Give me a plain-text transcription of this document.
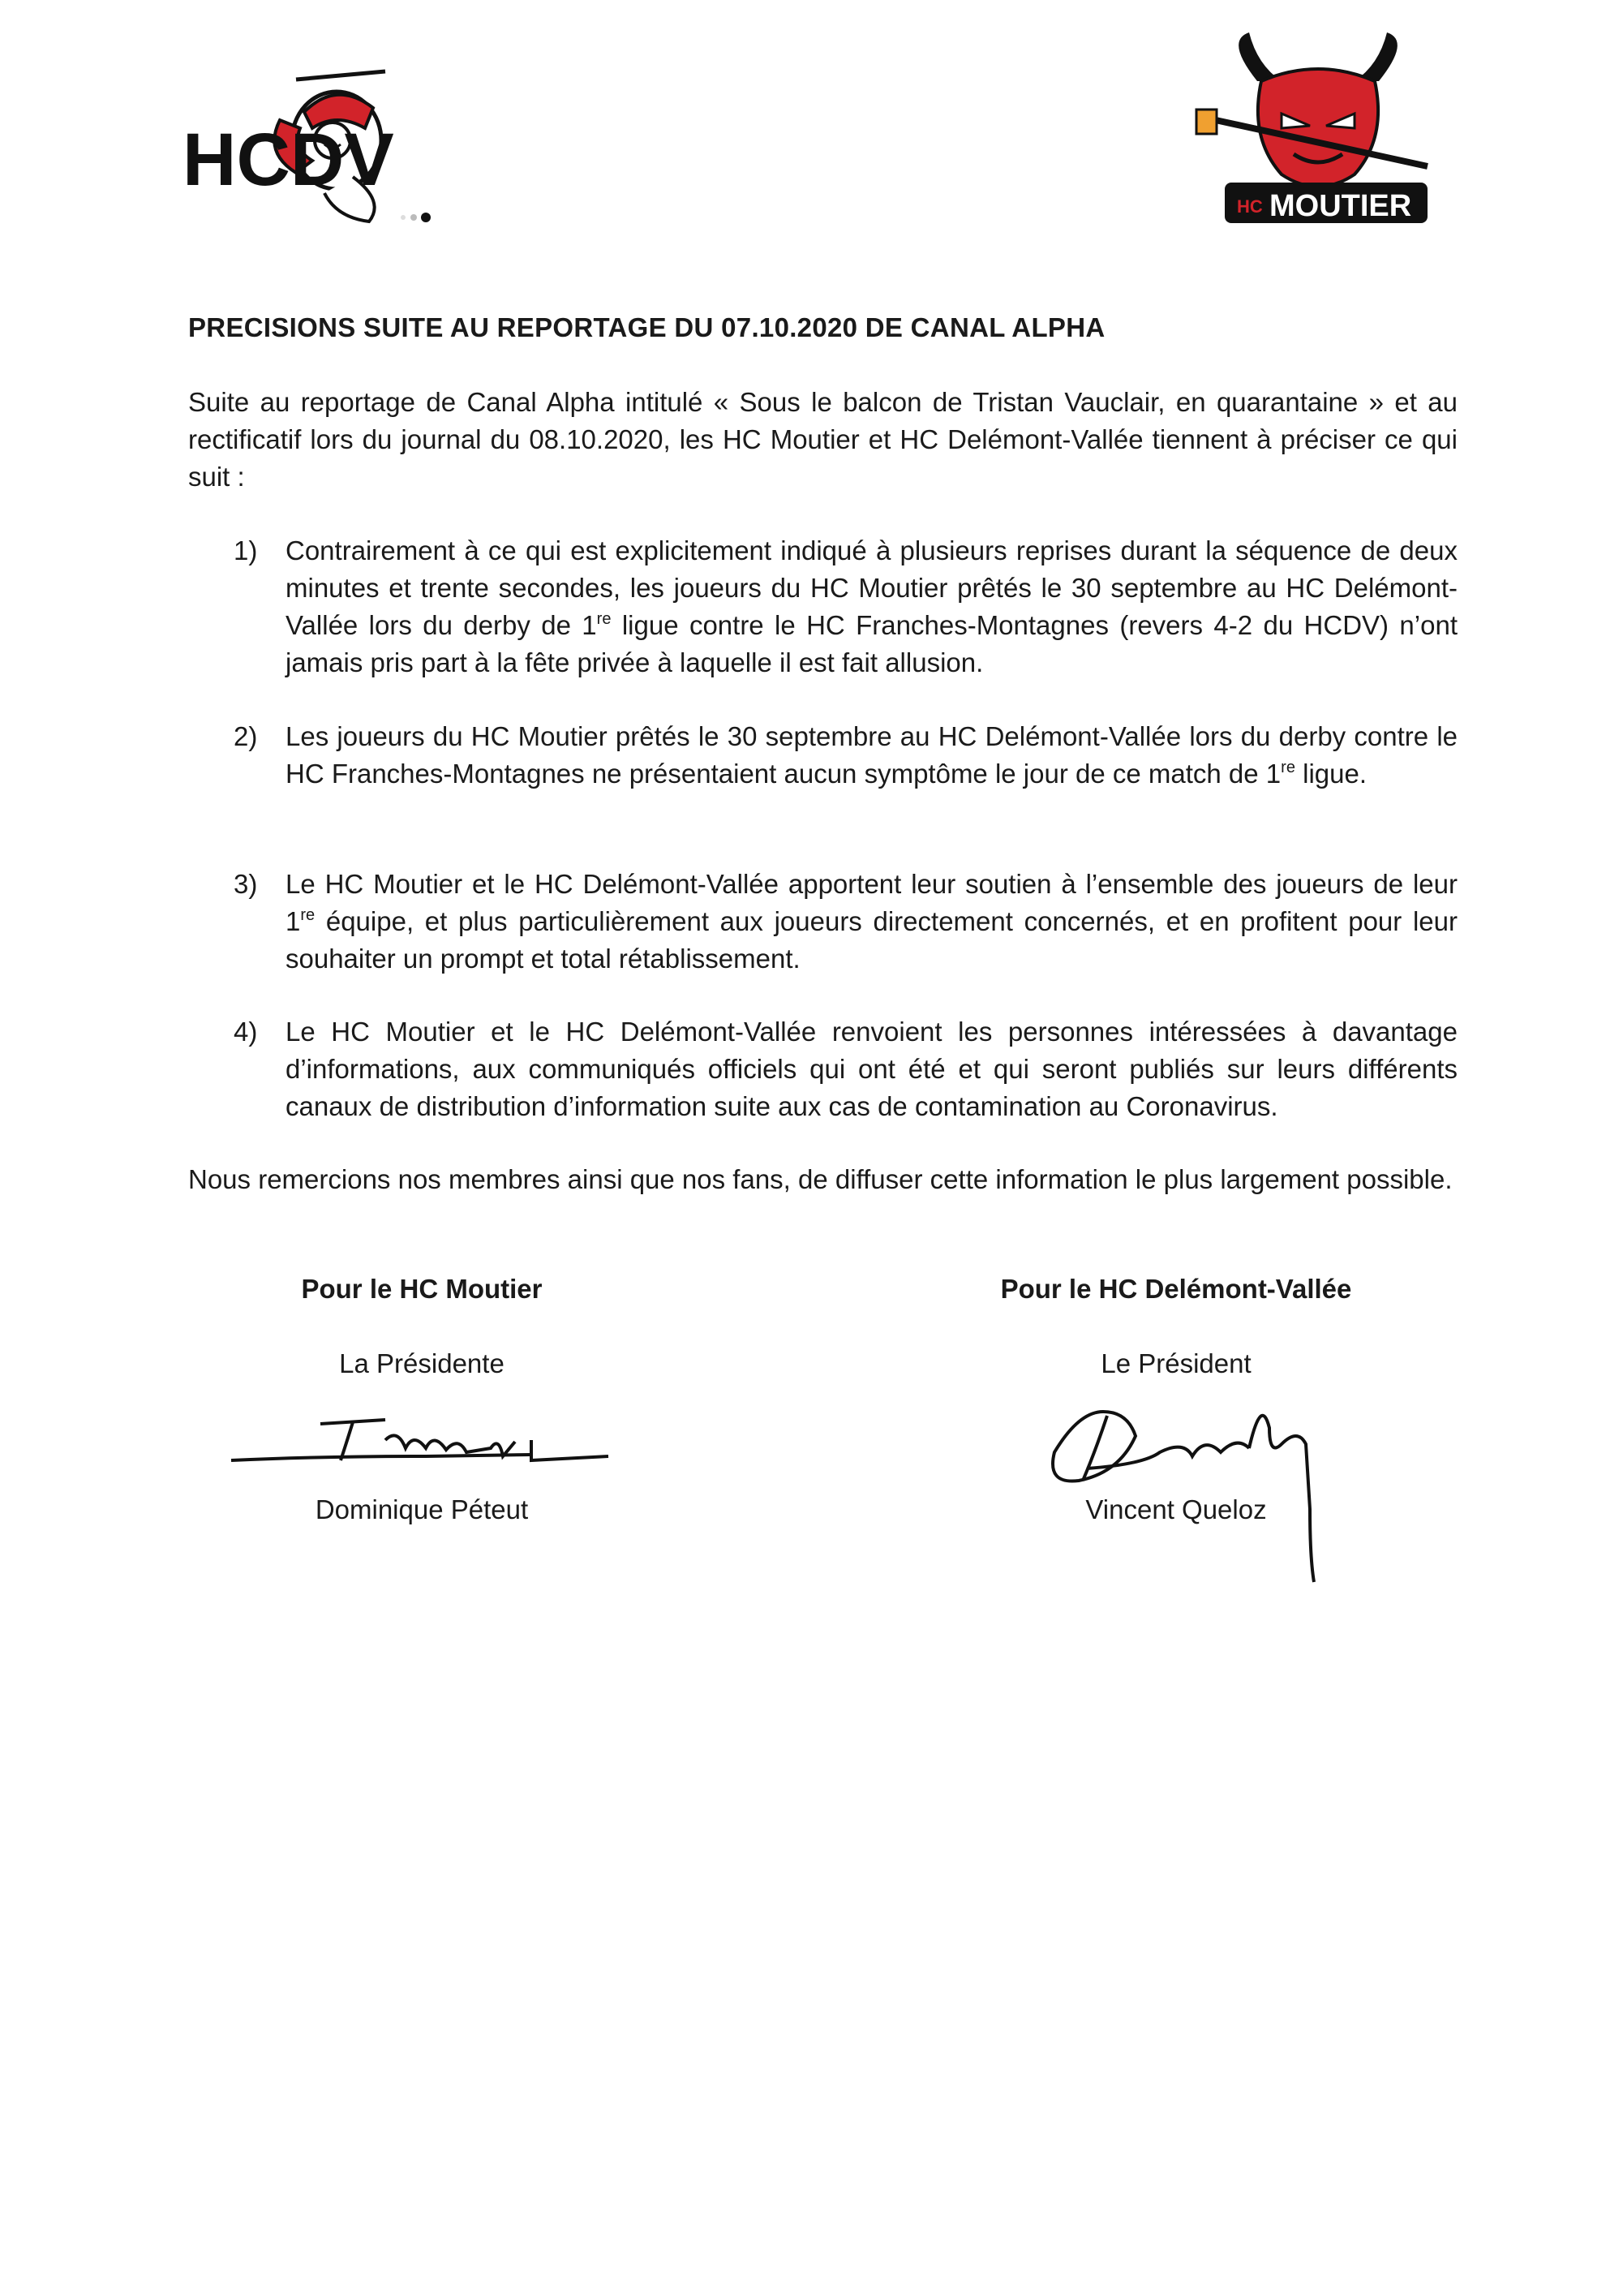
HCDV
HC MOUTIER
PRECISIONS SUITE AU REPORTAGE DU 07.10.2020 DE CANAL ALPHA
Suite au reportage de Canal Alpha intitulé « Sous le balcon de Tristan Vauclair, en quarantaine » et au rectificatif lors du journal du 08.10.2020, les HC Moutier et HC Delémont-Vallée tiennent à préciser ce qui suit :
1)	Contrairement à ce qui est explicitement indiqué à plusieurs reprises durant la séquence de deux minutes et trente secondes, les joueurs du HC Moutier prêtés le 30 septembre au HC Delémont-Vallée lors du derby de 1re ligue contre le HC Franches-Montagnes (revers 4-2 du HCDV) n’ont jamais pris part à la fête privée à laquelle il est fait allusion.
2)	Les joueurs du HC Moutier prêtés le 30 septembre au HC Delémont-Vallée lors du derby contre le HC Franches-Montagnes ne présentaient aucun symptôme le jour de ce match de 1re ligue.
3)	Le HC Moutier et le HC Delémont-Vallée apportent leur soutien à l’ensemble des joueurs de leur 1re équipe, et plus particulièrement aux joueurs directement concernés, et en profitent pour leur souhaiter un prompt et total rétablissement.
4)	Le HC Moutier et le HC Delémont-Vallée renvoient les personnes intéressées à davantage d’informations, aux communiqués officiels qui ont été et qui seront publiés sur leurs différents canaux de distribution d’information suite aux cas de contamination au Coronavirus.
Nous remercions nos membres ainsi que nos fans, de diffuser cette information le plus largement possible.
Pour le HC Moutier
La Présidente
Dominique Péteut
Pour le HC Delémont-Vallée
Le Président
Vincent Queloz
